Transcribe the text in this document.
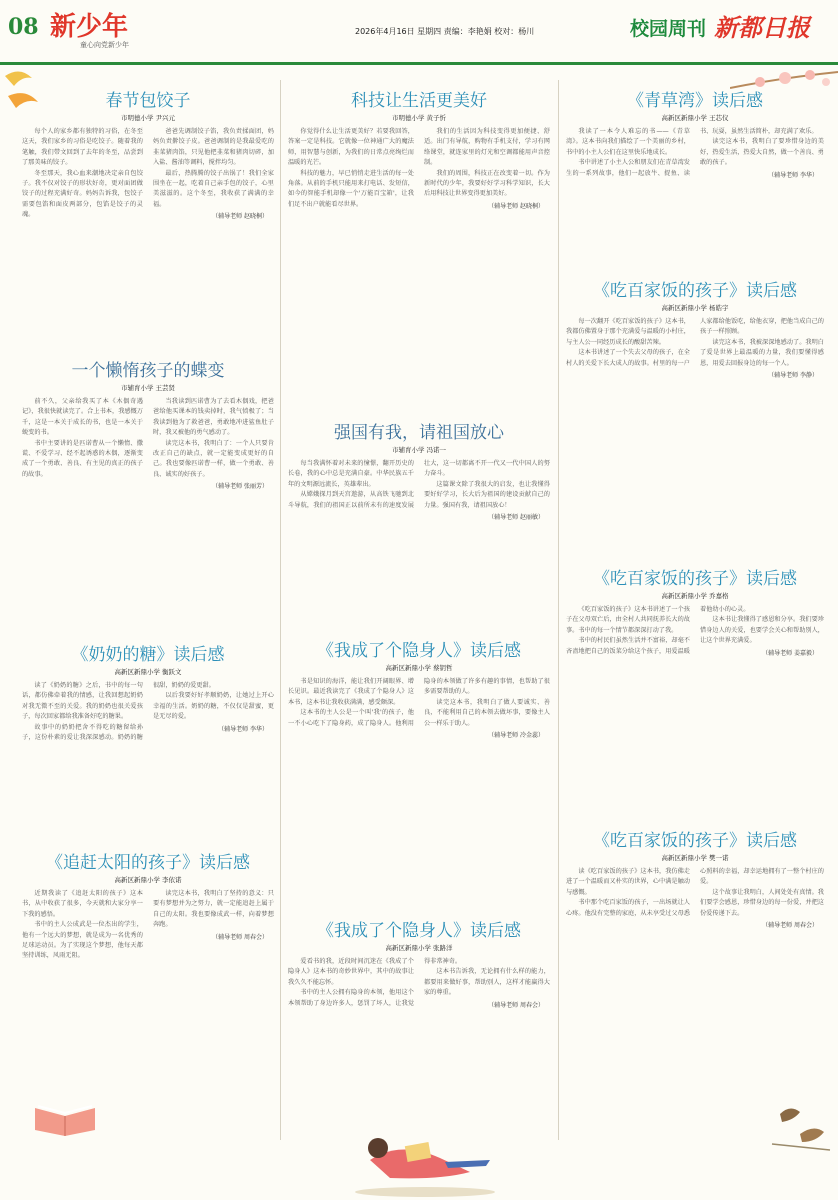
08 新少年
童心向党新少年
2026年4月16日 星期四 责编：李艳娟 校对：杨川	校园周刊 新都日报
春节包饺子
市明德小学 尹兴元

每个人的家乡都有独特的习俗，在冬至这天，我们家乡的习俗是吃饺子。随着我的笔触，我们带文回到了去年的冬至，品尝到了那美味的饺子。

冬至那天，我心血来潮地决定亲自包饺子。我不仅对饺子的形状好奇，更对面团做饺子的过程充满好奇。妈妈告诉我，包饺子需要包馅和面皮两部分，包馅是饺子的灵魂。

爸爸先调制饺子馅，我负责揉面团，妈妈负责擀饺子皮。爸爸调制的是我最爱吃的韭菜猪肉馅，只见他把韭菜和猪肉切碎，加入盐、酱油等调料，搅拌均匀。

最后，热腾腾的饺子出锅了！我们全家围坐在一起，吃着自己亲手包的饺子，心里美滋滋的。这个冬至，我收获了满满的幸福。

（辅导老师 赵晓桐）
一个懒惰孩子的蝶变
市辅育小学 王芸贤

前不久，父亲给我买了本《木偶奇遇记》，我很快就读完了。合上书本，我感慨万千，这是一本关于成长的书，也是一本关于蜕变的书。

书中主要讲的是匹诺曹从一个懒惰、撒谎、不爱学习、经不起诱惑的木偶，逐渐变成了一个勇敢、善良、有主见的真正的孩子的故事。

当我读到匹诺曹为了去看木偶戏，把爸爸给他买课本的钱卖掉时，我气愤极了；当我读到他为了救爸爸，勇敢地冲进鲨鱼肚子时，我又被他的勇气感动了。

读完这本书，我明白了：一个人只要肯改正自己的缺点，就一定能变成更好的自己。我也要像匹诺曹一样，做一个勇敢、善良、诚实的好孩子。

（辅导老师 张丽芳）
《奶奶的糖》读后感
高新区新鼎小学 衡跃文

读了《奶奶的糖》之后，书中的每一句话，都仿佛牵着我的情感，让我回想起奶奶对我无微不至的关爱。我的奶奶也很关爱孩子，每次回家都给我准备好吃的糖果。

故事中的奶奶把舍不得吃的糖留给孙子，这份朴素的爱让我深深感动。奶奶的糖很甜，奶奶的爱更甜。

以后我要好好孝顺奶奶，让她过上开心幸福的生活。奶奶的糖，不仅仅是甜蜜，更是无尽的爱。

（辅导老师 李华）
《追赶太阳的孩子》读后感
高新区新鼎小学 李依诺

近期我读了《追赶太阳的孩子》这本书，从中收获了很多，今天就和大家分享一下我的感悟。

书中的主人公成武是一位杰出的学生，他有一个远大的梦想，就是成为一名优秀的足球运动员。为了实现这个梦想，他每天都坚持训练，风雨无阻。

读完这本书，我明白了坚持的意义：只要有梦想并为之努力，就一定能追赶上属于自己的太阳。我也要像成武一样，向着梦想奔跑。

（辅导老师 周春会）
科技让生活更美好
市明德小学 黄子忻

你觉得什么让生活更美好？若要我回答，答案一定是科技。它就像一位神通广大的魔法师，用智慧与创新，为我们的日常点亮绚烂而温暖的光芒。

科技的魅力，早已悄悄走进生活的每一处角落。从前的手机只能用来打电话、发短信，如今的智能手机却像一个'万能百宝箱'，让我们足不出户就能看尽世界。

我们的生活因为科技变得更加便捷、舒适。出门有导航，购物有手机支付，学习有网络课堂，就连家里的灯光和空调都能用声音控制。

我们的周围，科技正在改变着一切。作为新时代的少年，我要好好学习科学知识，长大后用科技让世界变得更加美好。

（辅导老师 赵晓桐）
强国有我，请祖国放心
市辅育小学 冯诺一

每当我满怀着对未来的憧憬，翻开历史的长卷，我的心中总是充满自豪。中华民族五千年的文明源远流长，英雄辈出。

从嫦娥探月到天宫遨游，从高铁飞驰到北斗导航，我们的祖国正以前所未有的速度发展壮大，这一切都离不开一代又一代中国人的努力奋斗。

这篇课文除了我很大的启发，也让我懂得要好好学习，长大后为祖国的建设贡献自己的力量。强国有我，请祖国放心！

（辅导老师 赵丽敏）
《我成了个隐身人》读后感
高新区新鼎小学 蔡钥哲

书是知识的海洋，能让我们开阔眼界、增长见识。最近我读完了《我成了个隐身人》这本书，这本书让我收获满满，感受颇深。

这本书的主人公是一个叫'我'的孩子，他一不小心吃下了隐身药，成了隐身人。他利用隐身的本领做了许多有趣的事情，也帮助了很多需要帮助的人。

读完这本书，我明白了做人要诚实、善良，不能利用自己的本领去做坏事，要像主人公一样乐于助人。

（辅导老师 冷金蕊）
《我成了个隐身人》读后感
高新区新鼎小学 张路洋

爱看书的我，近段时间沉迷在《我成了个隐身人》这本书的奇妙世界中，其中的故事让我久久不能忘怀。

书中的主人公拥有隐身的本领，他用这个本领帮助了身边许多人，惩罚了坏人，让我觉得非常神奇。

这本书告诉我，无论拥有什么样的能力，都要用来做好事，帮助别人，这样才能赢得大家的尊重。

（辅导老师 周春会）
《青草湾》读后感
高新区新鼎小学 王芯仪

我读了一本令人难忘的书——《青草湾》。这本书向我们描绘了一个美丽的乡村，书中的小主人公们在这里快乐地成长。

书中讲述了小主人公和朋友们在青草湾发生的一系列故事，他们一起放牛、捉鱼、读书、玩耍，虽然生活简朴，却充满了欢乐。

读完这本书，我明白了要珍惜身边的美好，热爱生活，热爱大自然，做一个善良、勇敢的孩子。

（辅导老师 李华）
《吃百家饭的孩子》读后感
高新区新鼎小学 杨皓宇

每一次翻开《吃百家饭的孩子》这本书，我都仿佛置身于那个充满爱与温暖的小村庄，与主人公一同经历成长的酸甜苦辣。

这本书讲述了一个失去父母的孩子，在全村人的关爱下长大成人的故事。村里的每一户人家都给他饭吃，给他衣穿，把他当成自己的孩子一样照顾。

读完这本书，我被深深地感动了。我明白了爱是世界上最温暖的力量，我们要懂得感恩，用爱去回报身边的每一个人。

（辅导老师 李静）
《吃百家饭的孩子》读后感
高新区新鼎小学 乔嘉格

《吃百家饭的孩子》这本书讲述了一个孩子在父母双亡后，由全村人共同抚养长大的故事。书中的每一个情节都深深打动了我。

书中的村民们虽然生活并不富裕，却毫不吝啬地把自己的饭菜分给这个孩子，用爱温暖着他幼小的心灵。

这本书让我懂得了感恩和分享。我们要珍惜身边人的关爱，也要学会关心和帮助别人，让这个世界充满爱。

（辅导老师 姜嘉毅）
《吃百家饭的孩子》读后感
高新区新鼎小学 樊一诺

读《吃百家饭的孩子》这本书，我仿佛走进了一个温暖而又朴实的世界，心中满是触动与感慨。

书中那个吃百家饭的孩子，一出场就让人心疼。他没有完整的家庭，从未享受过父母悉心照料的幸福，却幸运地拥有了一整个村庄的爱。

这个故事让我明白，人间处处有真情。我们要学会感恩，珍惜身边的每一份爱，并把这份爱传递下去。

（辅导老师 周春会）
